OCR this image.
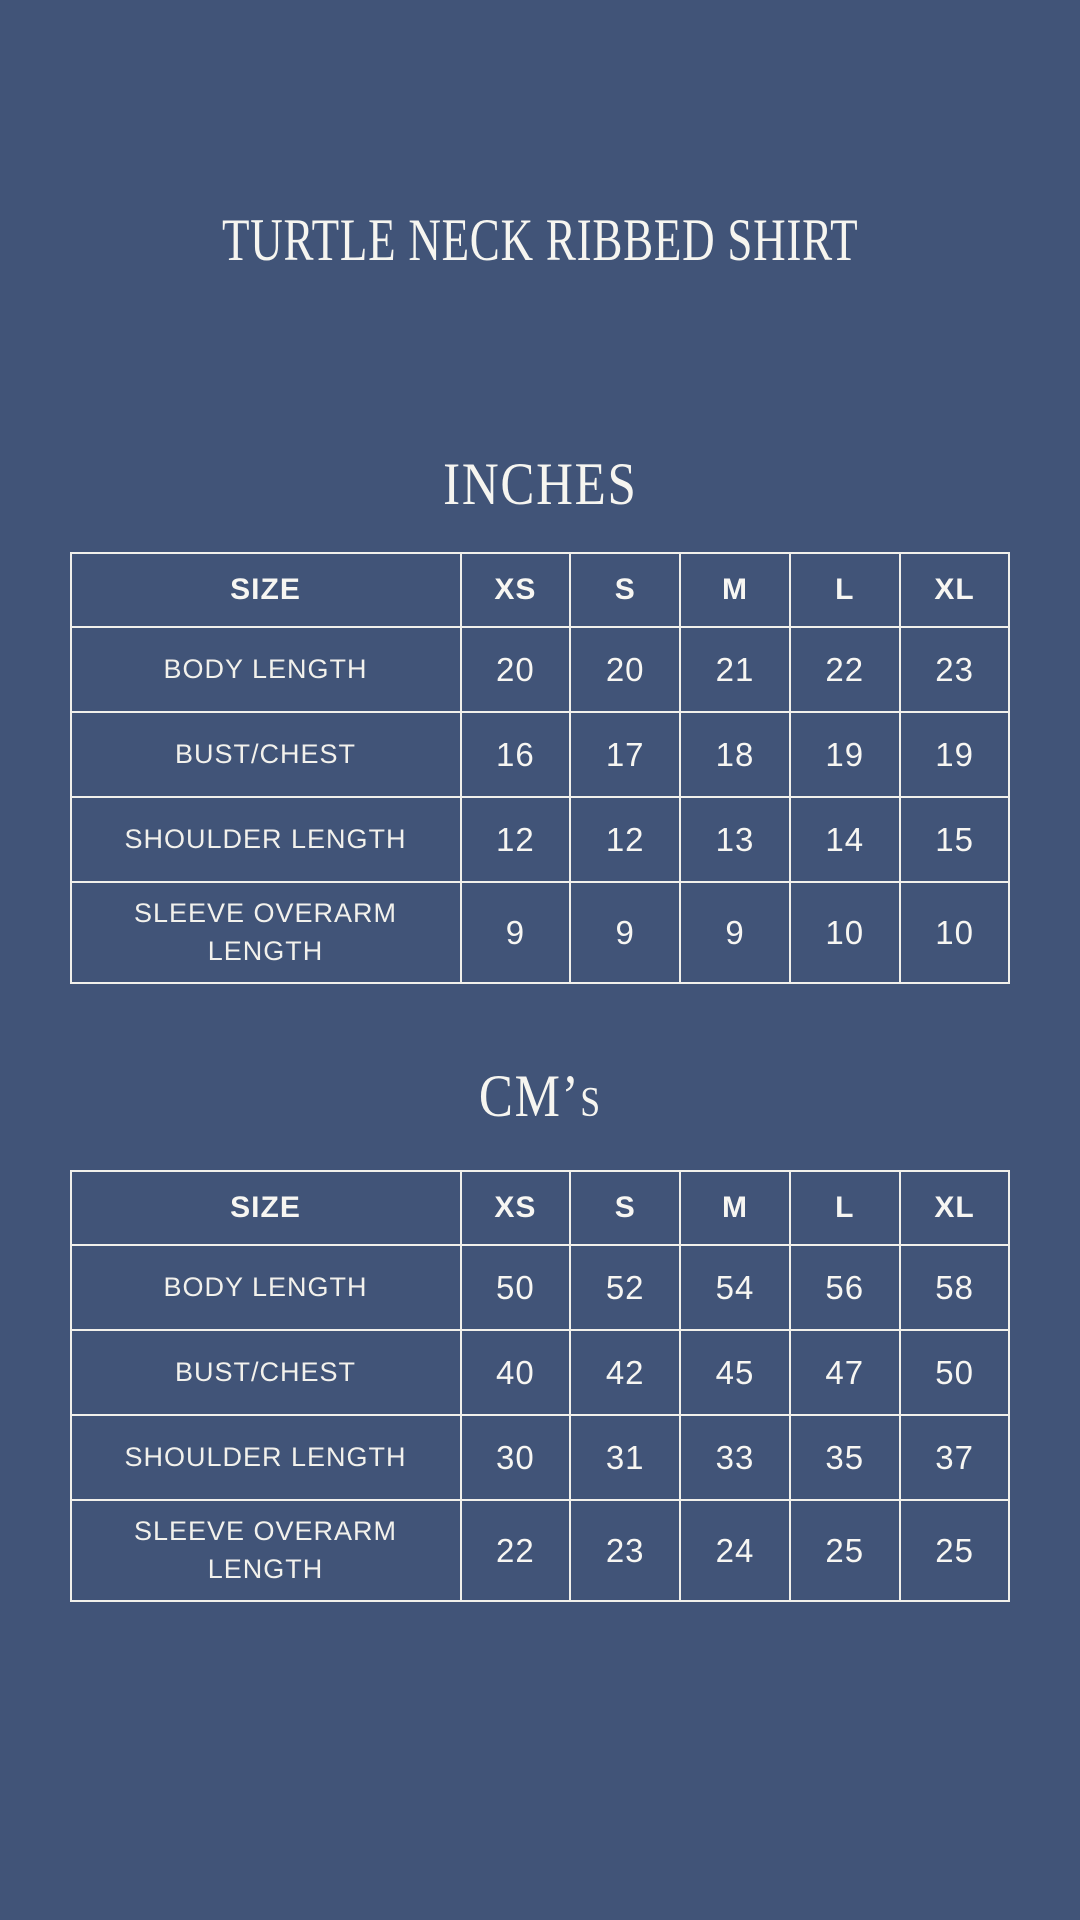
TURTLE NECK RIBBED SHIRT
INCHES
SIZE	XS	S	M	L	XL
BODY LENGTH	20	20	21	22	23
BUST/CHEST	16	17	18	19	19
SHOULDER LENGTH	12	12	13	14	15
SLEEVE OVERARM LENGTH	9	9	9	10	10
CM’S
SIZE	XS	S	M	L	XL
BODY LENGTH	50	52	54	56	58
BUST/CHEST	40	42	45	47	50
SHOULDER LENGTH	30	31	33	35	37
SLEEVE OVERARM LENGTH	22	23	24	25	25
